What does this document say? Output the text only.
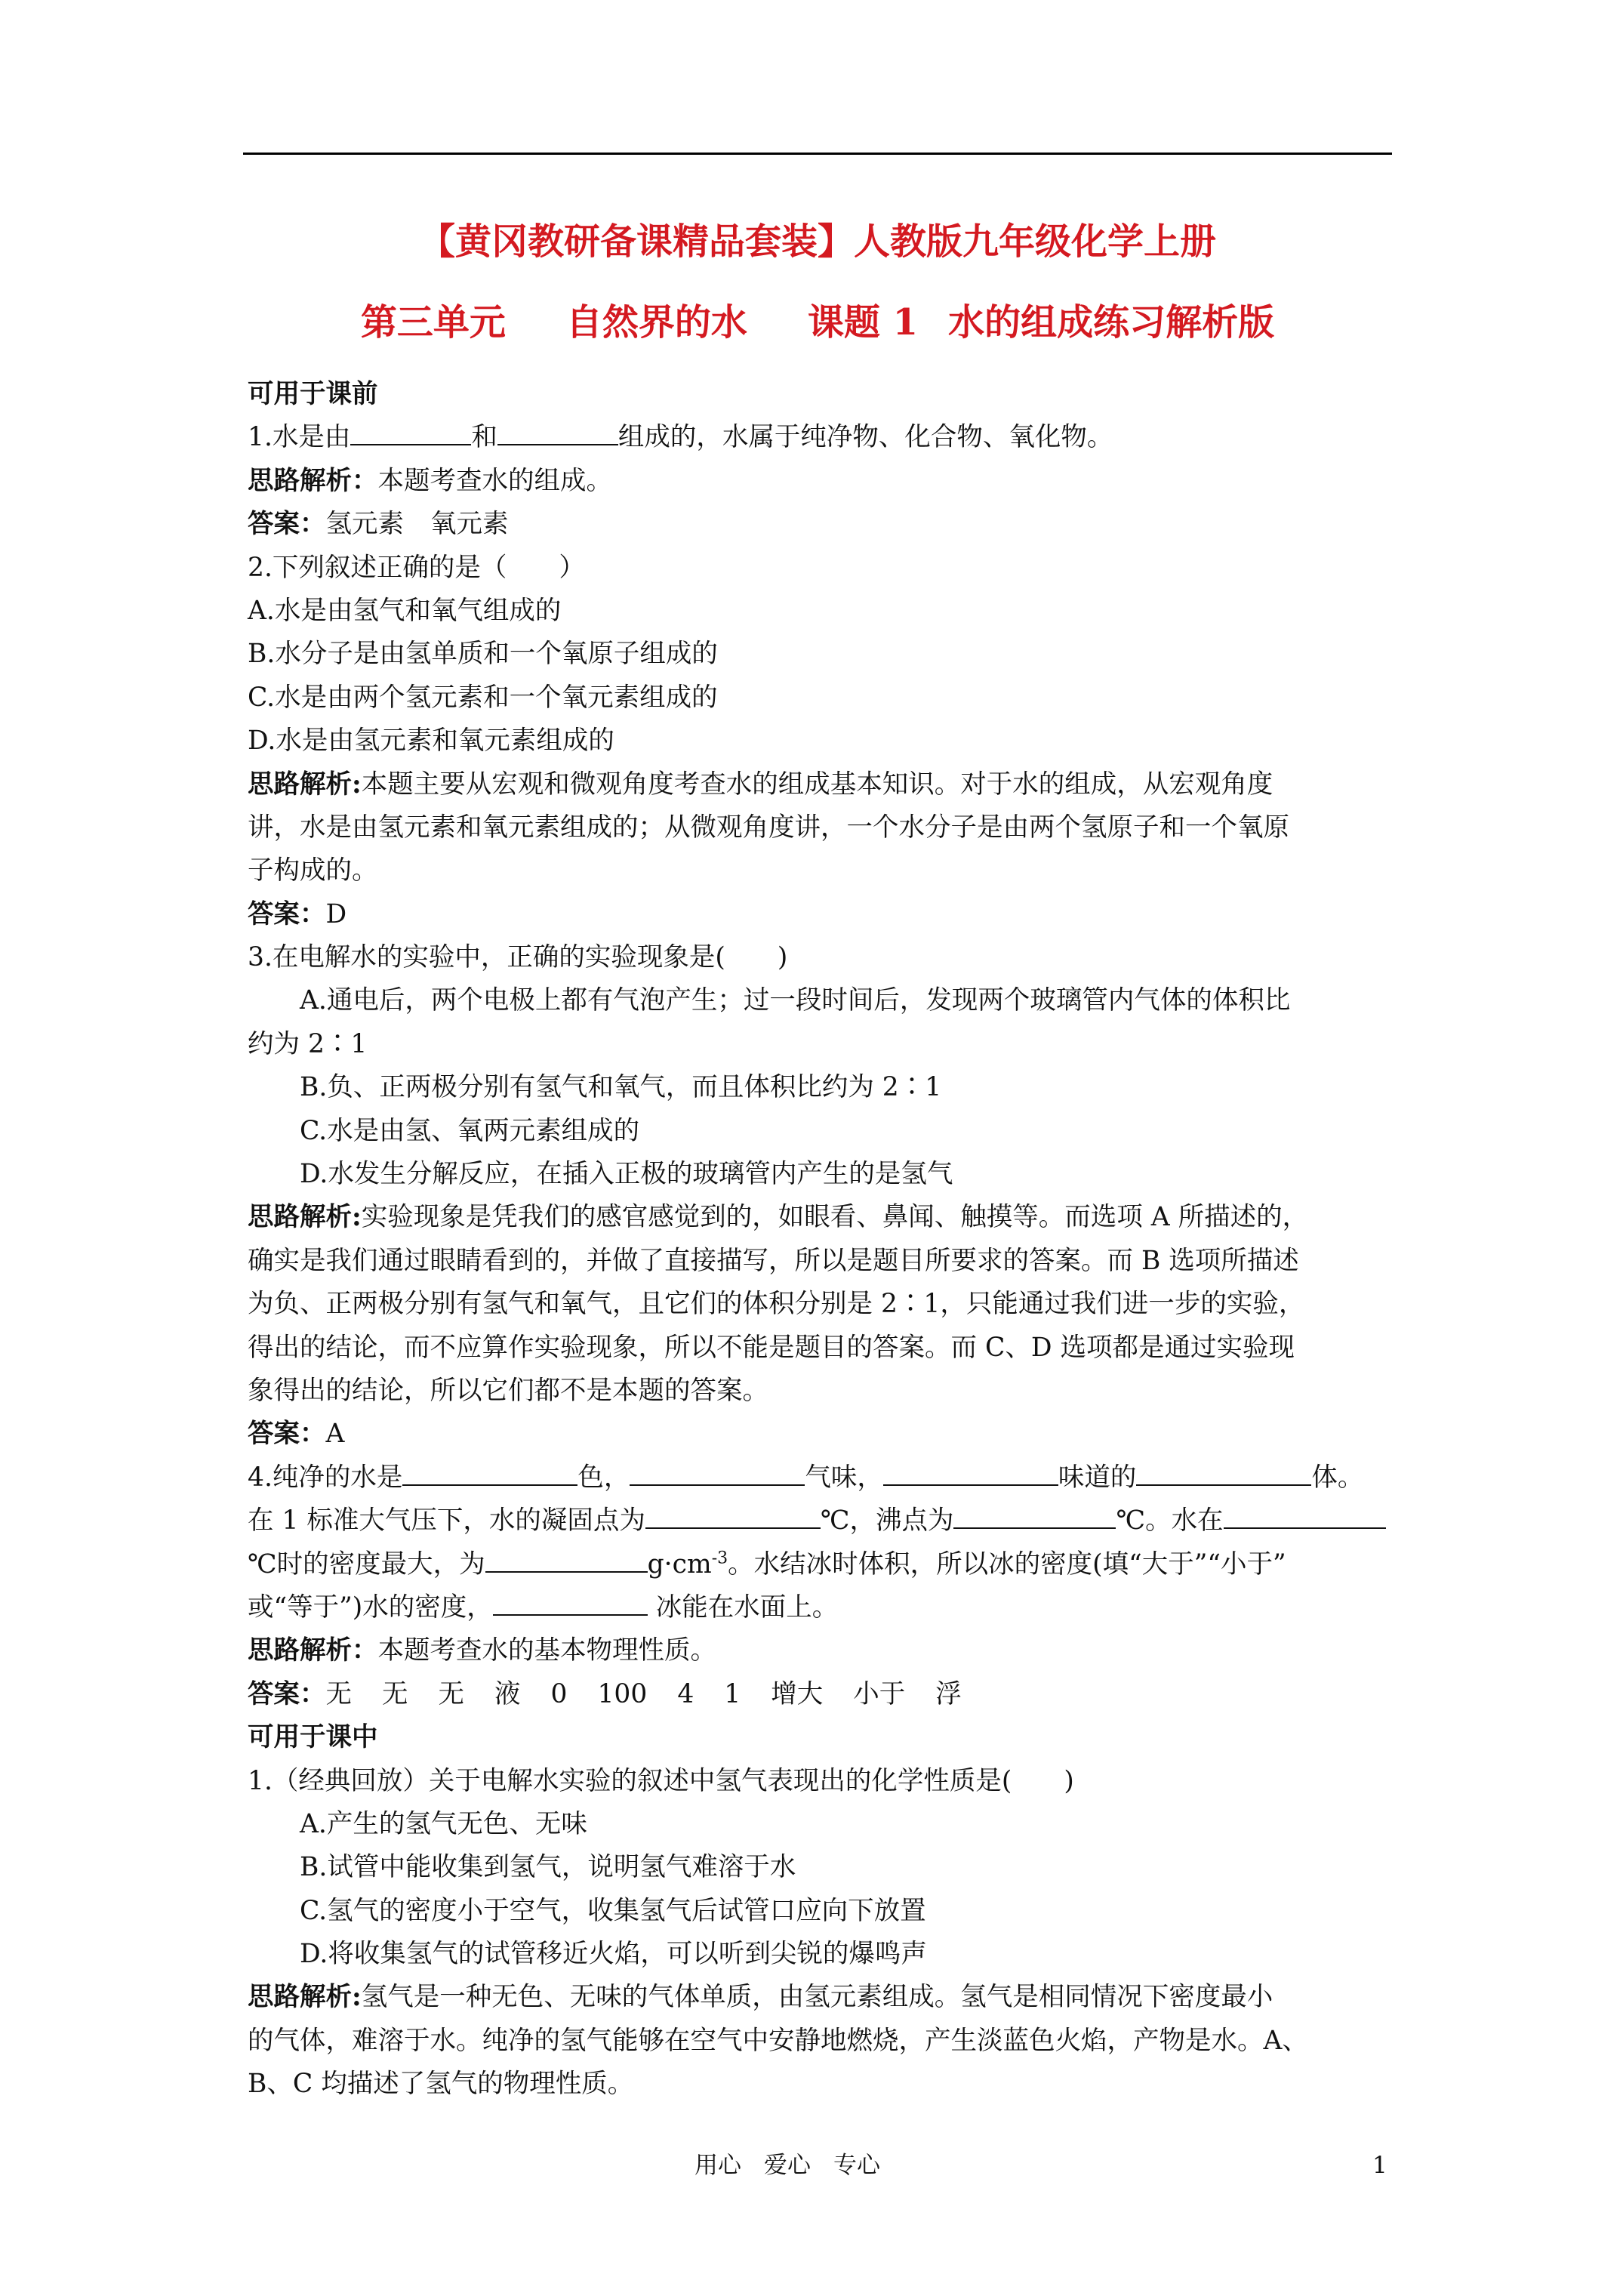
【黄冈教研备课精品套装】人教版九年级化学上册
第三单元 自然界的水 课题 1 水的组成练习解析版
可用于课前
1.水是由	和	组成的，水属于纯净物、化合物、氧化物。
思路解析：本题考查水的组成。
答案：氢元素 氧元素
2.下列叙述正确的是（　　）
A.水是由氢气和氧气组成的
B.水分子是由氢单质和一个氧原子组成的
C.水是由两个氢元素和一个氧元素组成的
D.水是由氢元素和氧元素组成的
思路解析:本题主要从宏观和微观角度考查水的组成基本知识。对于水的组成，从宏观角度
讲，水是由氢元素和氧元素组成的；从微观角度讲，一个水分子是由两个氢原子和一个氧原
子构成的。
答案：D
3.在电解水的实验中，正确的实验现象是(　　)
A.通电后，两个电极上都有气泡产生；过一段时间后，发现两个玻璃管内气体的体积比
约为 2∶1
B.负、正两极分别有氢气和氧气，而且体积比约为 2∶1
C.水是由氢、氧两元素组成的
D.水发生分解反应，在插入正极的玻璃管内产生的是氢气
思路解析:实验现象是凭我们的感官感觉到的，如眼看、鼻闻、触摸等。而选项 A 所描述的，
确实是我们通过眼睛看到的，并做了直接描写，所以是题目所要求的答案。而 B 选项所描述
为负、正两极分别有氢气和氧气，且它们的体积分别是 2∶1，只能通过我们进一步的实验，
得出的结论，而不应算作实验现象，所以不能是题目的答案。而 C、D 选项都是通过实验现
象得出的结论，所以它们都不是本题的答案。
答案：A
4.纯净的水是	色，	气味，	味道的	体。
在 1 标准大气压下，水的凝固点为	℃，沸点为	℃。水在
℃时的密度最大，为	$g\cdot cm^{-3}$。水结冰时体积，所以冰的密度(填“大于”“小于”
或“等于”)水的密度，	冰能在水面上。
思路解析：本题考查水的基本物理性质。
答案：无 无 无 液 0 100 4 1 增大 小于 浮
可用于课中
1.（经典回放）关于电解水实验的叙述中氢气表现出的化学性质是(　　)
A.产生的氢气无色、无味
B.试管中能收集到氢气，说明氢气难溶于水
C.氢气的密度小于空气，收集氢气后试管口应向下放置
D.将收集氢气的试管移近火焰，可以听到尖锐的爆鸣声
思路解析:氢气是一种无色、无味的气体单质，由氢元素组成。氢气是相同情况下密度最小
的气体，难溶于水。纯净的氢气能够在空气中安静地燃烧，产生淡蓝色火焰，产物是水。A、
B、C 均描述了氢气的物理性质。
用心 爱心 专心	1
